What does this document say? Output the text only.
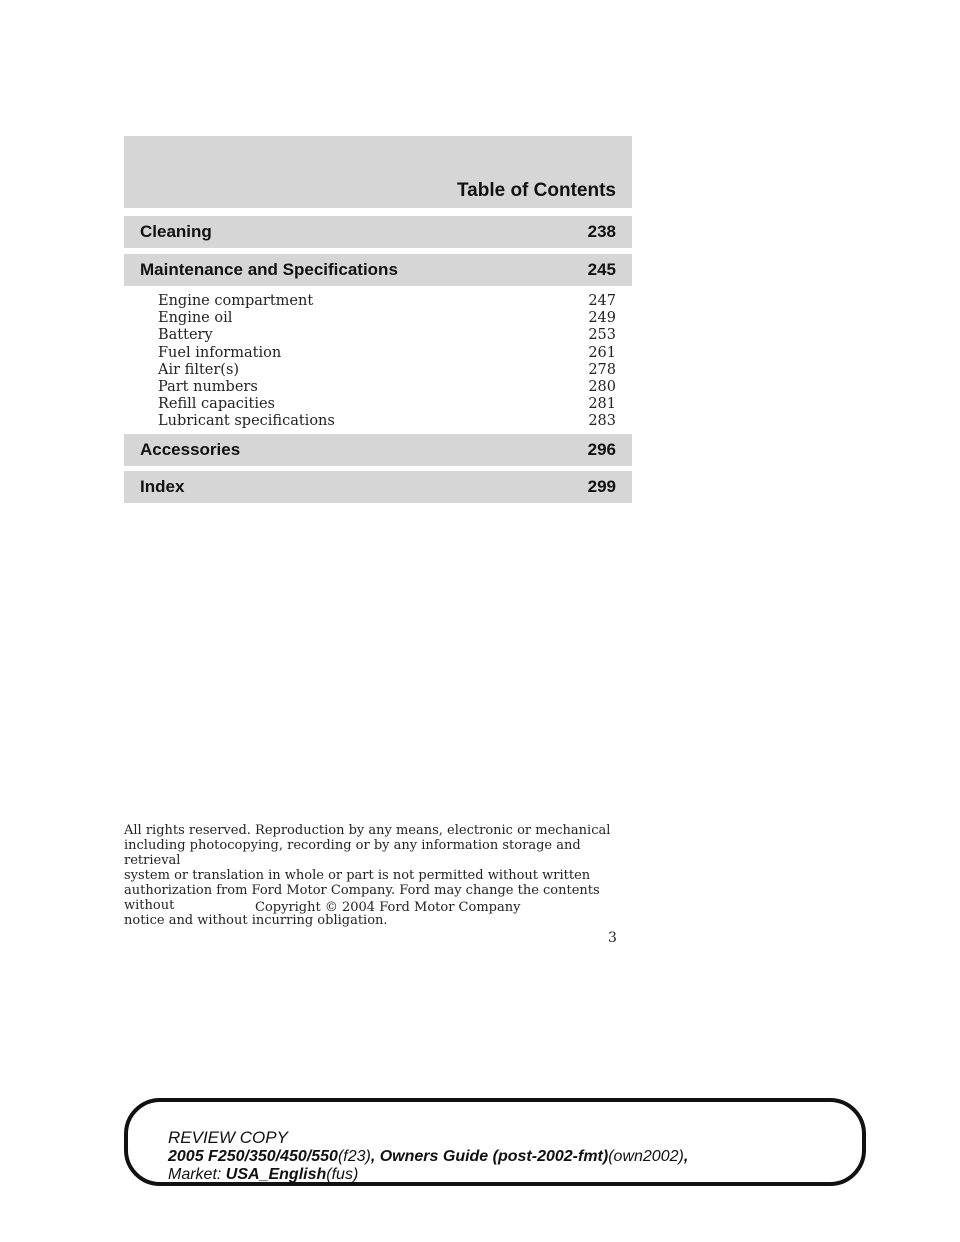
Table of Contents
Cleaning	238
Maintenance and Specifications	245
Engine compartment	247
Engine oil	249
Battery	253
Fuel information	261
Air filter(s)	278
Part numbers	280
Refill capacities	281
Lubricant specifications	283
Accessories	296
Index	299
All rights reserved. Reproduction by any means, electronic or mechanical
including photocopying, recording or by any information storage and retrieval
system or translation in whole or part is not permitted without written
authorization from Ford Motor Company. Ford may change the contents without
notice and without incurring obligation.
Copyright © 2004 Ford Motor Company
3
REVIEW COPY
2005 F250/350/450/550(f23), Owners Guide (post-2002-fmt)(own2002),
Market: USA_English(fus)
